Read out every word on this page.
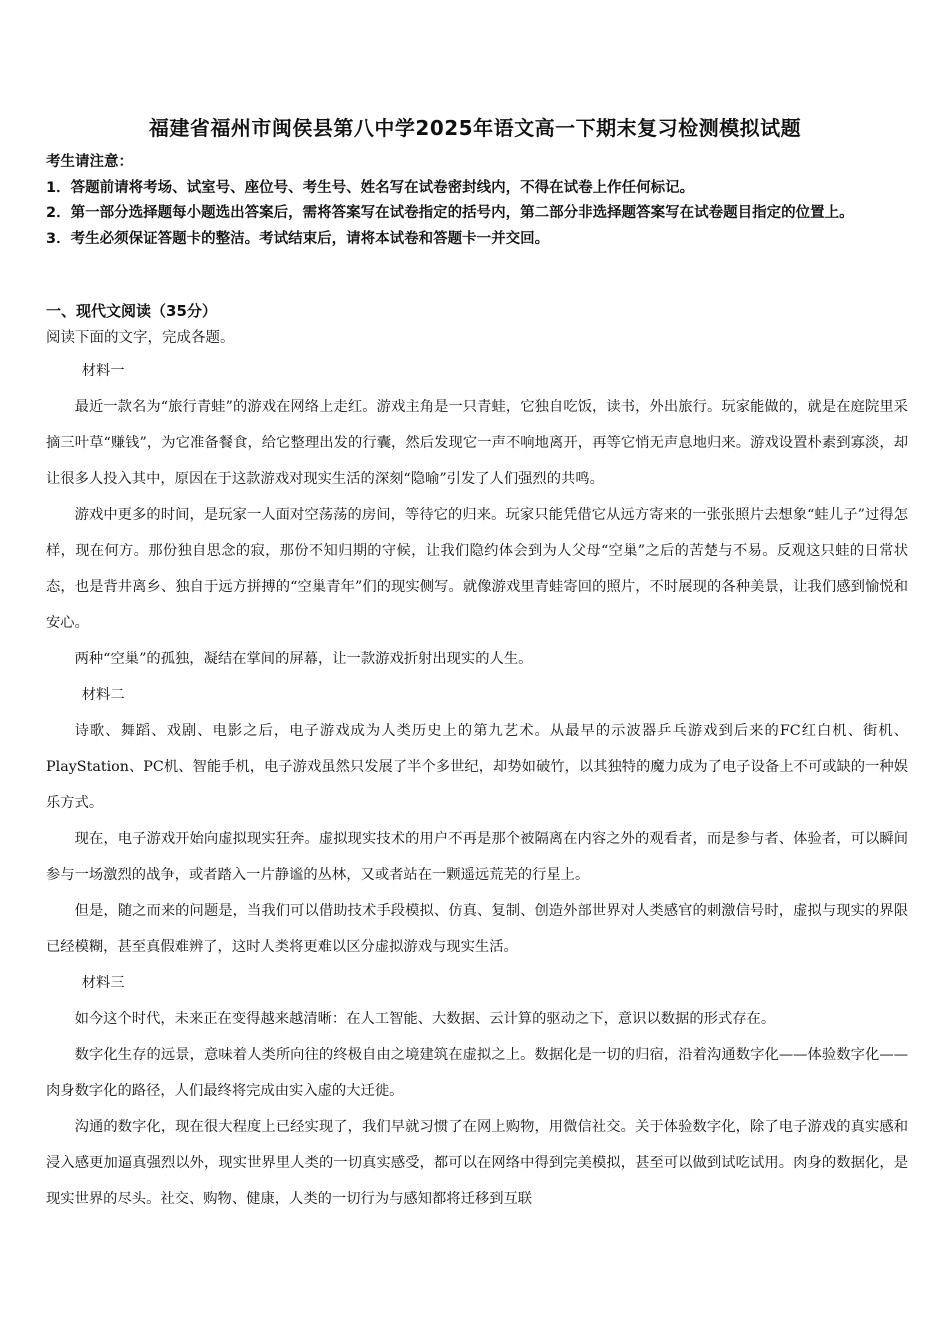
福建省福州市闽侯县第八中学2025年语文高一下期末复习检测模拟试题

考生请注意：

1．答题前请将考场、试室号、座位号、考生号、姓名写在试卷密封线内，不得在试卷上作任何标记。

2．第一部分选择题每小题选出答案后，需将答案写在试卷指定的括号内，第二部分非选择题答案写在试卷题目指定的位置上。

3．考生必须保证答题卡的整洁。考试结束后，请将本试卷和答题卡一并交回。

一、现代文阅读（35分）
阅读下面的文字，完成各题。

材料一

最近一款名为“旅行青蛙”的游戏在网络上走红。游戏主角是一只青蛙，它独自吃饭，读书，外出旅行。玩家能做的，就是在庭院里采摘三叶草“赚钱”，为它准备餐食，给它整理出发的行囊，然后发现它一声不响地离开，再等它悄无声息地归来。游戏设置朴素到寡淡，却让很多人投入其中，原因在于这款游戏对现实生活的深刻“隐喻”引发了人们强烈的共鸣。

游戏中更多的时间，是玩家一人面对空荡荡的房间，等待它的归来。玩家只能凭借它从远方寄来的一张张照片去想象“蛙儿子”过得怎样，现在何方。那份独自思念的寂，那份不知归期的守候，让我们隐约体会到为人父母“空巢”之后的苦楚与不易。反观这只蛙的日常状态，也是背井离乡、独自于远方拼搏的“空巢青年”们的现实侧写。就像游戏里青蛙寄回的照片，不时展现的各种美景，让我们感到愉悦和安心。

两种“空巢”的孤独，凝结在掌间的屏幕，让一款游戏折射出现实的人生。

材料二

诗歌、舞蹈、戏剧、电影之后，电子游戏成为人类历史上的第九艺术。从最早的示波器乒乓游戏到后来的FC红白机、街机、PlayStation、PC机、智能手机，电子游戏虽然只发展了半个多世纪，却势如破竹，以其独特的魔力成为了电子设备上不可或缺的一种娱乐方式。

现在，电子游戏开始向虚拟现实狂奔。虚拟现实技术的用户不再是那个被隔离在内容之外的观看者，而是参与者、体验者，可以瞬间参与一场激烈的战争，或者踏入一片静谧的丛林，又或者站在一颗遥远荒芜的行星上。

但是，随之而来的问题是，当我们可以借助技术手段模拟、仿真、复制、创造外部世界对人类感官的刺激信号时，虚拟与现实的界限已经模糊，甚至真假难辨了，这时人类将更难以区分虚拟游戏与现实生活。

材料三

如今这个时代，未来正在变得越来越清晰：在人工智能、大数据、云计算的驱动之下，意识以数据的形式存在。

数字化生存的远景，意味着人类所向往的终极自由之境建筑在虚拟之上。数据化是一切的归宿，沿着沟通数字化——体验数字化——肉身数字化的路径，人们最终将完成由实入虚的大迁徙。

沟通的数字化，现在很大程度上已经实现了，我们早就习惯了在网上购物，用微信社交。关于体验数字化，除了电子游戏的真实感和浸入感更加逼真强烈以外，现实世界里人类的一切真实感受，都可以在网络中得到完美模拟，甚至可以做到试吃试用。肉身的数据化，是现实世界的尽头。社交、购物、健康，人类的一切行为与感知都将迁移到互联
